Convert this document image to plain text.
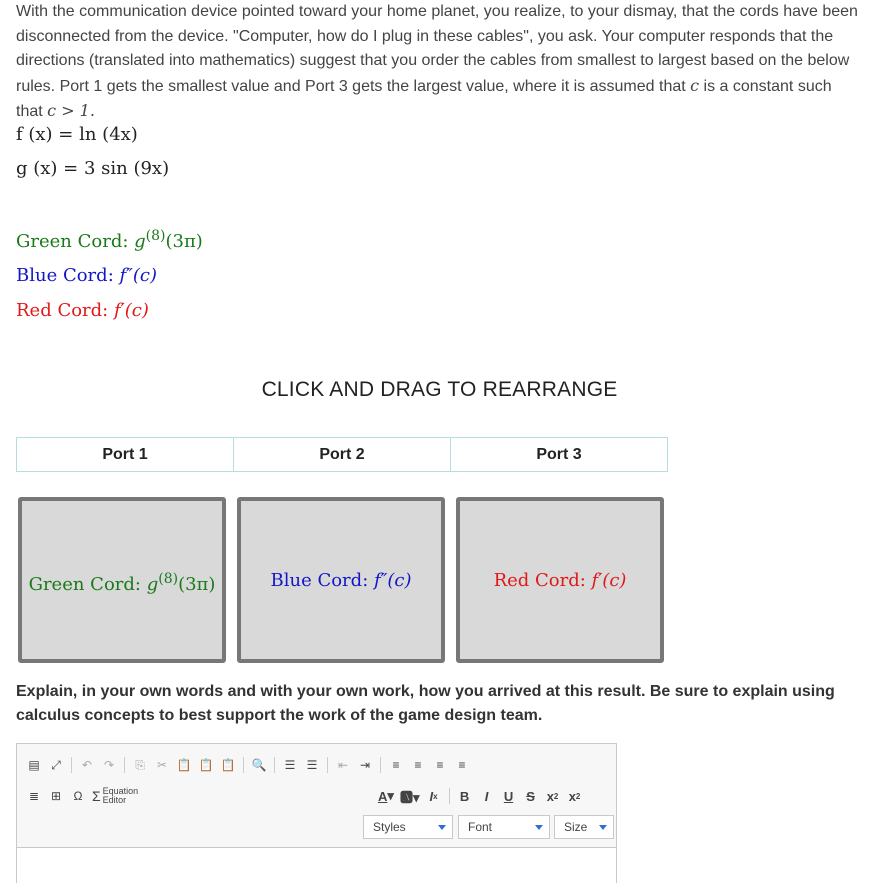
With the communication device pointed toward your home planet, you realize, to your dismay, that the cords have been disconnected from the device. "Computer, how do I plug in these cables", you ask. Your computer responds that the directions (translated into mathematics) suggest that you order the cables from smallest to largest based on the below rules. Port 1 gets the smallest value and Port 3 gets the largest value, where it is assumed that c is a constant such that c > 1.
f (x) = ln (4x)
g (x) = 3 sin (9x)
Green Cord: $g^{(8)}(3\pi)$
Blue Cord: f″(c)
Red Cord: f′(c)
CLICK AND DRAG TO REARRANGE
Port 1	Port 2	Port 3
Green Cord: $g^{(8)}(3\pi)$	Blue Cord: f″(c)	Red Cord: f′(c)
Explain, in your own words and with your own work, how you arrived at this result. Be sure to explain using calculus concepts to best support the work of the game design team.
▤ ⤢	↶ ↷	⎘	✂ 📋 📋 📋 🔍	☰ ☰	⇤ ⇥	≡	≡	≡	≡
≣ ⊞	Ω Σ Equation
Editor	A ▾ 🅰▾ I x	B	I U S x 2 x 2
Styles	Font	Size
